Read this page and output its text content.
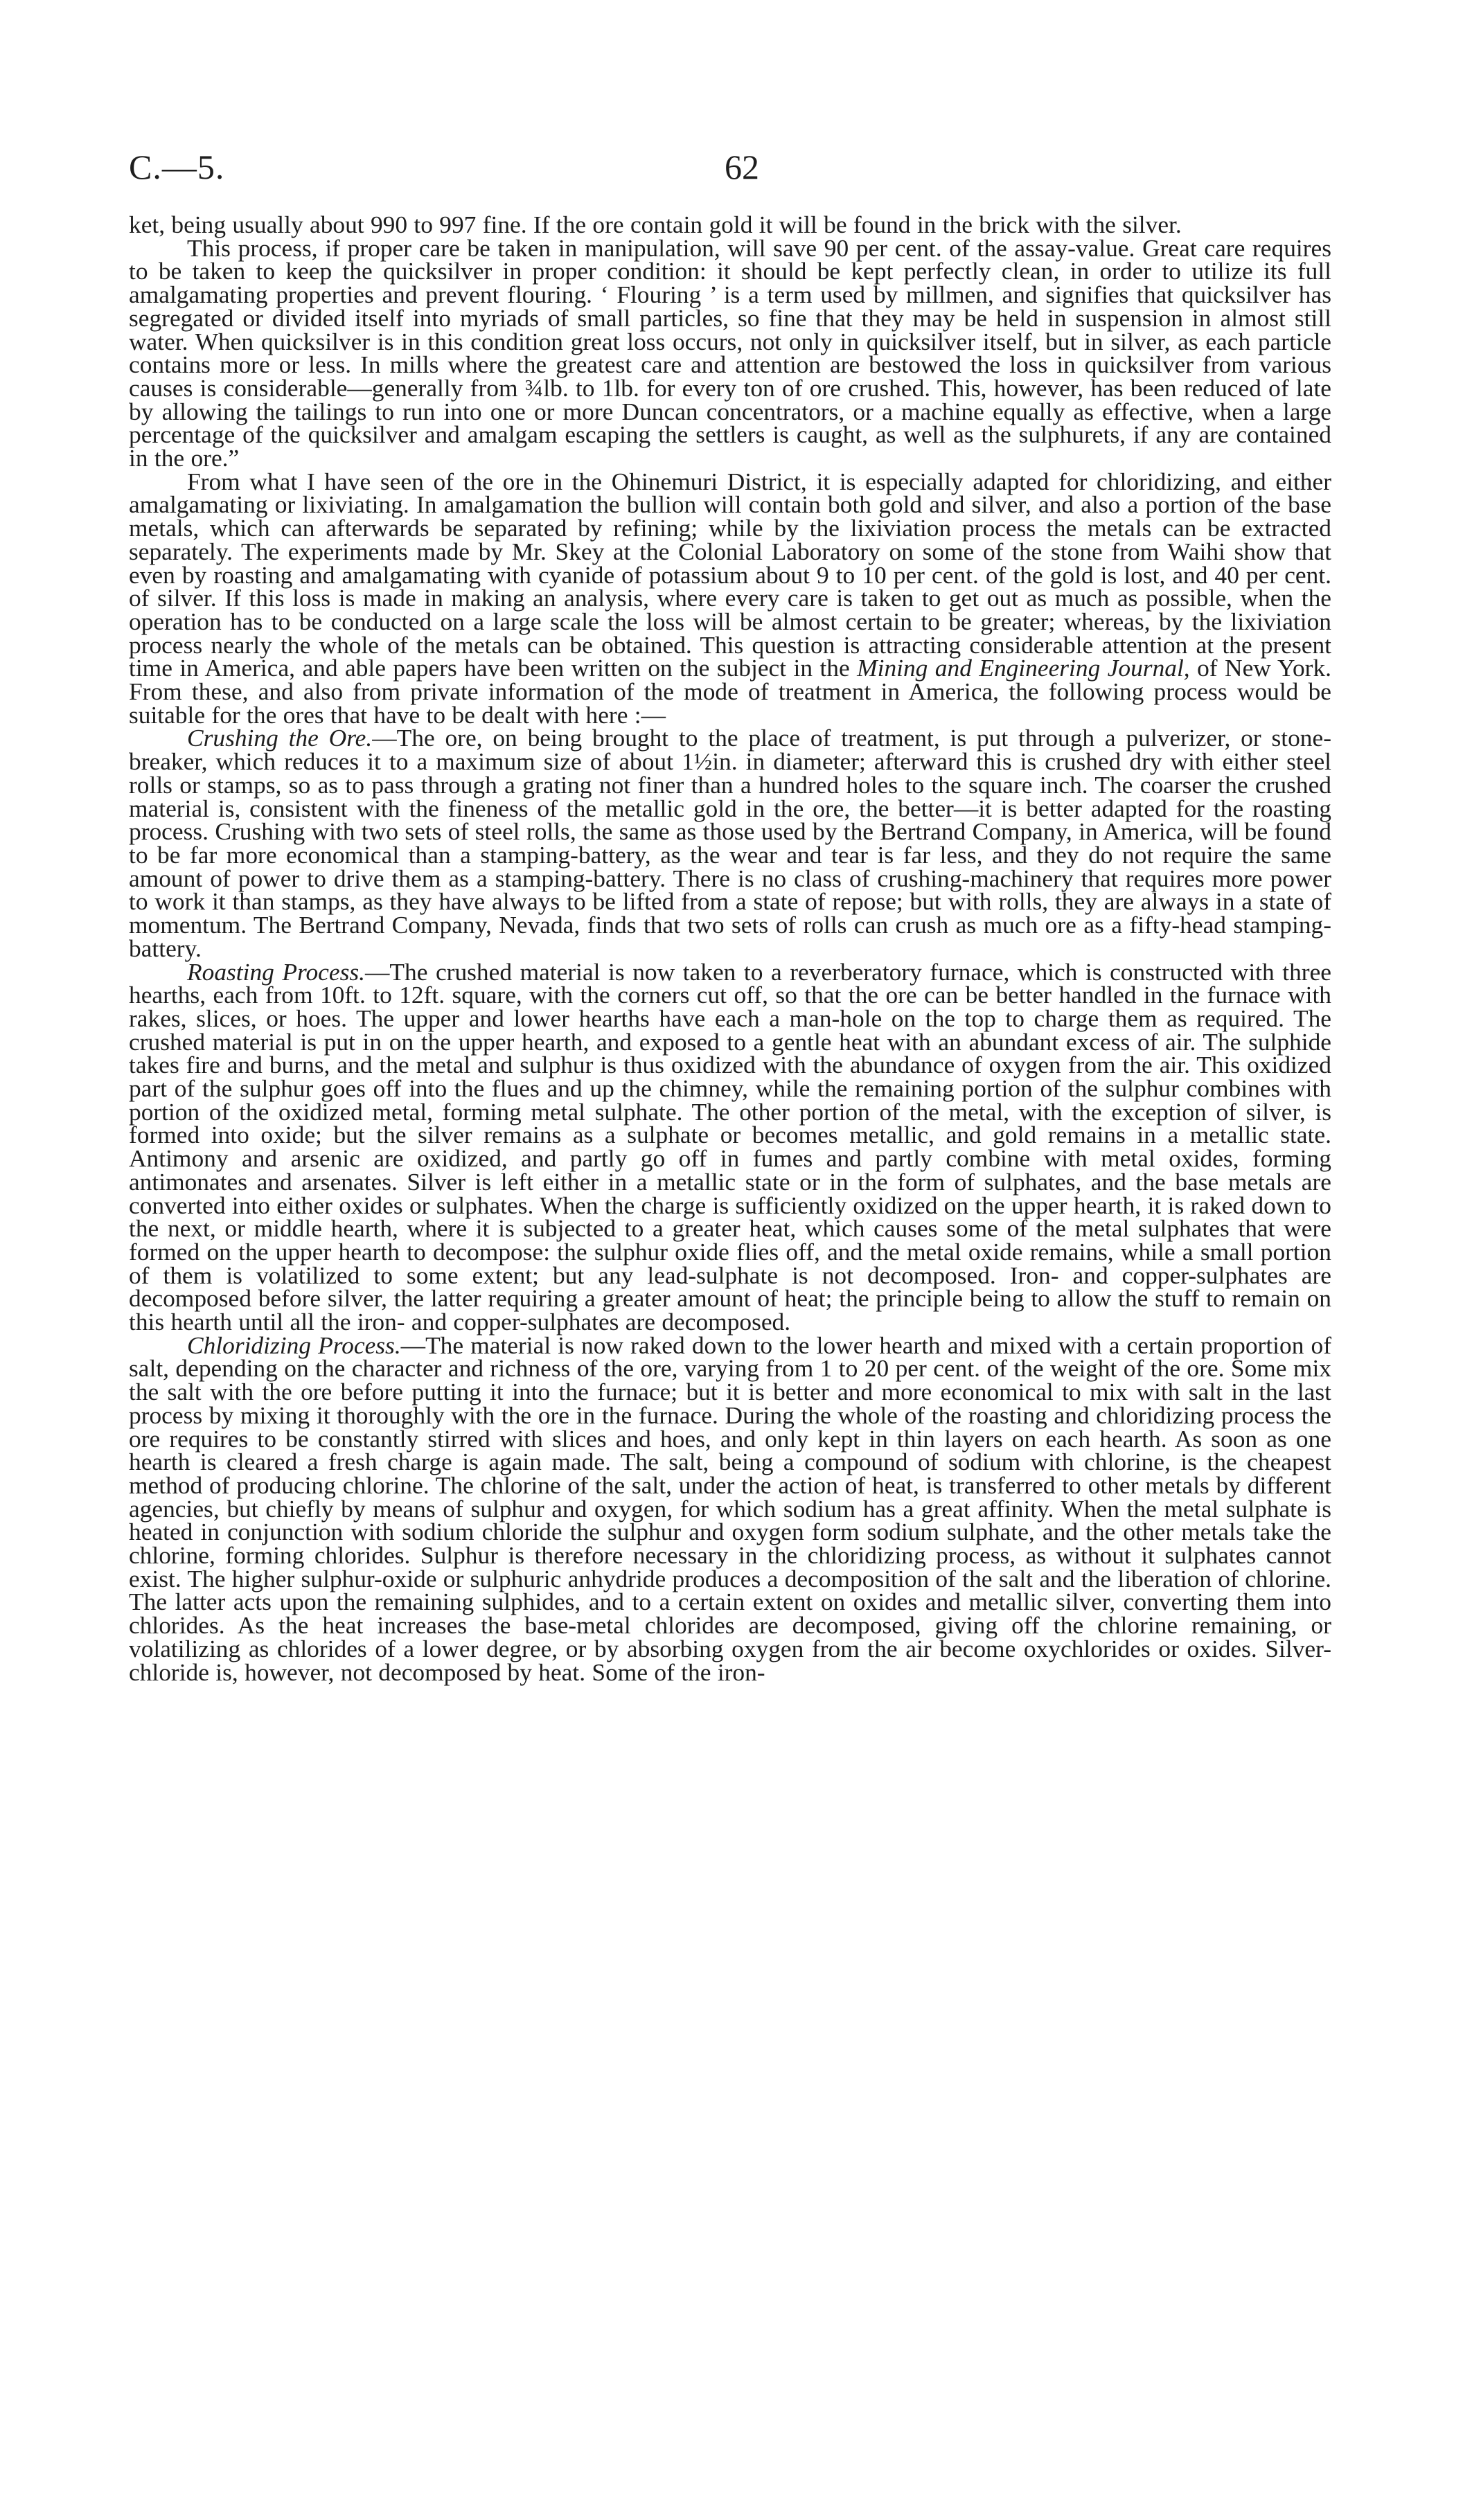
C.—5.	62

ket, being usually about 990 to 997 fine. If the ore contain gold it will be found in the brick with the silver.

This process, if proper care be taken in manipulation, will save 90 per cent. of the assay-value. Great care requires to be taken to keep the quicksilver in proper condition: it should be kept perfectly clean, in order to utilize its full amalgamating properties and prevent flouring. ‘ Flouring ’ is a term used by millmen, and signifies that quicksilver has segregated or divided itself into myriads of small particles, so fine that they may be held in suspension in almost still water. When quicksilver is in this condition great loss occurs, not only in quicksilver itself, but in silver, as each particle contains more or less. In mills where the greatest care and attention are bestowed the loss in quicksilver from various causes is considerable—generally from ¾lb. to 1lb. for every ton of ore crushed. This, however, has been reduced of late by allowing the tailings to run into one or more Duncan concentrators, or a machine equally as effective, when a large percentage of the quicksilver and amalgam escaping the settlers is caught, as well as the sulphurets, if any are contained in the ore.”

From what I have seen of the ore in the Ohinemuri District, it is especially adapted for chloridizing, and either amalgamating or lixiviating. In amalgamation the bullion will contain both gold and silver, and also a portion of the base metals, which can afterwards be separated by refining; while by the lixiviation process the metals can be extracted separately. The experiments made by Mr. Skey at the Colonial Laboratory on some of the stone from Waihi show that even by roasting and amalgamating with cyanide of potassium about 9 to 10 per cent. of the gold is lost, and 40 per cent. of silver. If this loss is made in making an analysis, where every care is taken to get out as much as possible, when the operation has to be conducted on a large scale the loss will be almost certain to be greater; whereas, by the lixiviation process nearly the whole of the metals can be obtained. This question is attracting considerable attention at the present time in America, and able papers have been written on the subject in the Mining and Engineering Journal, of New York. From these, and also from private information of the mode of treatment in America, the following process would be suitable for the ores that have to be dealt with here :—

Crushing the Ore.—The ore, on being brought to the place of treatment, is put through a pulverizer, or stone-breaker, which reduces it to a maximum size of about 1½in. in diameter; afterward this is crushed dry with either steel rolls or stamps, so as to pass through a grating not finer than a hundred holes to the square inch. The coarser the crushed material is, consistent with the fineness of the metallic gold in the ore, the better—it is better adapted for the roasting process. Crushing with two sets of steel rolls, the same as those used by the Bertrand Company, in America, will be found to be far more economical than a stamping-battery, as the wear and tear is far less, and they do not require the same amount of power to drive them as a stamping-battery. There is no class of crushing-machinery that requires more power to work it than stamps, as they have always to be lifted from a state of repose; but with rolls, they are always in a state of momentum. The Bertrand Company, Nevada, finds that two sets of rolls can crush as much ore as a fifty-head stamping-battery.

Roasting Process.—The crushed material is now taken to a reverberatory furnace, which is constructed with three hearths, each from 10ft. to 12ft. square, with the corners cut off, so that the ore can be better handled in the furnace with rakes, slices, or hoes. The upper and lower hearths have each a man-hole on the top to charge them as required. The crushed material is put in on the upper hearth, and exposed to a gentle heat with an abundant excess of air. The sulphide takes fire and burns, and the metal and sulphur is thus oxidized with the abundance of oxygen from the air. This oxidized part of the sulphur goes off into the flues and up the chimney, while the remaining portion of the sulphur combines with portion of the oxidized metal, forming metal sulphate. The other portion of the metal, with the exception of silver, is formed into oxide; but the silver remains as a sulphate or becomes metallic, and gold remains in a metallic state. Antimony and arsenic are oxidized, and partly go off in fumes and partly combine with metal oxides, forming antimonates and arsenates. Silver is left either in a metallic state or in the form of sulphates, and the base metals are converted into either oxides or sulphates. When the charge is sufficiently oxidized on the upper hearth, it is raked down to the next, or middle hearth, where it is subjected to a greater heat, which causes some of the metal sulphates that were formed on the upper hearth to decompose: the sulphur oxide flies off, and the metal oxide remains, while a small portion of them is volatilized to some extent; but any lead-sulphate is not decomposed. Iron- and copper-sulphates are decomposed before silver, the latter requiring a greater amount of heat; the principle being to allow the stuff to remain on this hearth until all the iron- and copper-sulphates are decomposed.

Chloridizing Process.—The material is now raked down to the lower hearth and mixed with a certain proportion of salt, depending on the character and richness of the ore, varying from 1 to 20 per cent. of the weight of the ore. Some mix the salt with the ore before putting it into the furnace; but it is better and more economical to mix with salt in the last process by mixing it thoroughly with the ore in the furnace. During the whole of the roasting and chloridizing process the ore requires to be constantly stirred with slices and hoes, and only kept in thin layers on each hearth. As soon as one hearth is cleared a fresh charge is again made. The salt, being a compound of sodium with chlorine, is the cheapest method of producing chlorine. The chlorine of the salt, under the action of heat, is transferred to other metals by different agencies, but chiefly by means of sulphur and oxygen, for which sodium has a great affinity. When the metal sulphate is heated in conjunction with sodium chloride the sulphur and oxygen form sodium sulphate, and the other metals take the chlorine, forming chlorides. Sulphur is therefore necessary in the chloridizing process, as without it sulphates cannot exist. The higher sulphur-oxide or sulphuric anhydride produces a decomposition of the salt and the liberation of chlorine. The latter acts upon the remaining sulphides, and to a certain extent on oxides and metallic silver, converting them into chlorides. As the heat increases the base-metal chlorides are decomposed, giving off the chlorine remaining, or volatilizing as chlorides of a lower degree, or by absorbing oxygen from the air become oxychlorides or oxides. Silver-chloride is, however, not decomposed by heat. Some of the iron-
